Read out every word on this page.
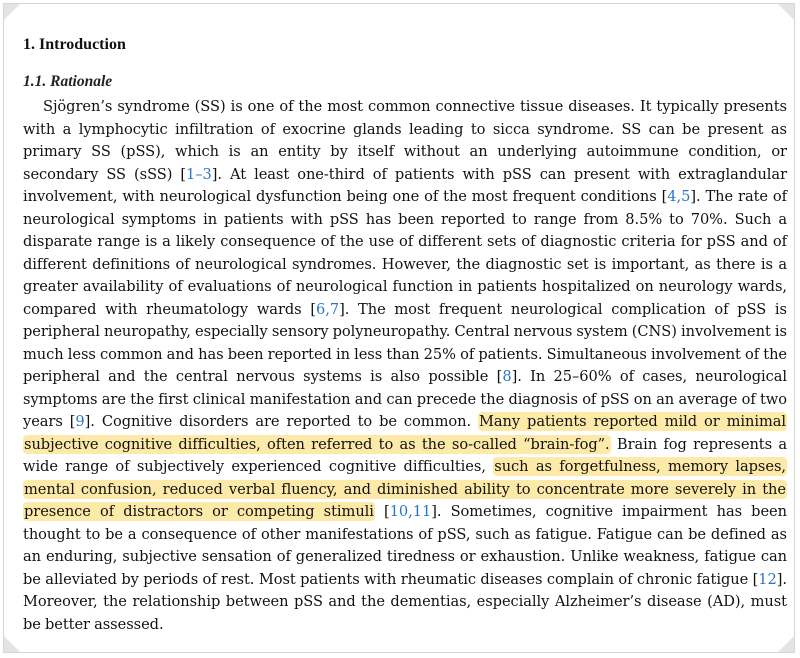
1. Introduction
1.1. Rationale

Sjögren’s syndrome (SS) is one of the most common connective tissue diseases. It typically presents with a lymphocytic infiltration of exocrine glands leading to sicca syndrome. SS can be present as primary SS (pSS), which is an entity by itself without an underlying autoimmune condition, or secondary SS (sSS) [1–3]. At least one-third of patients with pSS can present with extraglandular involvement, with neurological dysfunction being one of the most frequent conditions [4,5]. The rate of neurological symptoms in patients with pSS has been reported to range from 8.5% to 70%. Such a disparate range is a likely consequence of the use of different sets of diagnostic criteria for pSS and of different definitions of neurological syndromes. However, the diagnostic set is important, as there is a greater availability of evaluations of neurological function in patients hospitalized on neurology wards, compared with rheumatology wards [6,7]. The most frequent neurological complication of pSS is peripheral neuropathy, especially sensory polyneuropathy. Central nervous system (CNS) involvement is much less common and has been reported in less than 25% of patients. Simultaneous involvement of the peripheral and the central nervous systems is also possible [8]. In 25–60% of cases, neurological symptoms are the first clinical manifestation and can precede the diagnosis of pSS on an average of two years [9]. Cognitive disorders are reported to be common. Many patients reported mild or minimal subjective cognitive difficulties, often referred to as the so-called “brain-fog”. Brain fog represents a wide range of subjectively experienced cognitive difficulties, such as forgetfulness, memory lapses, mental confusion, reduced verbal fluency, and diminished ability to concentrate more severely in the presence of distractors or competing stimuli [10,11]. Sometimes, cognitive impairment has been thought to be a consequence of other manifestations of pSS, such as fatigue. Fatigue can be defined as an enduring, subjective sensation of generalized tiredness or exhaustion. Unlike weakness, fatigue can be alleviated by periods of rest. Most patients with rheumatic diseases complain of chronic fatigue [12]. Moreover, the relationship between pSS and the dementias, especially Alzheimer’s disease (AD), must be better assessed.
